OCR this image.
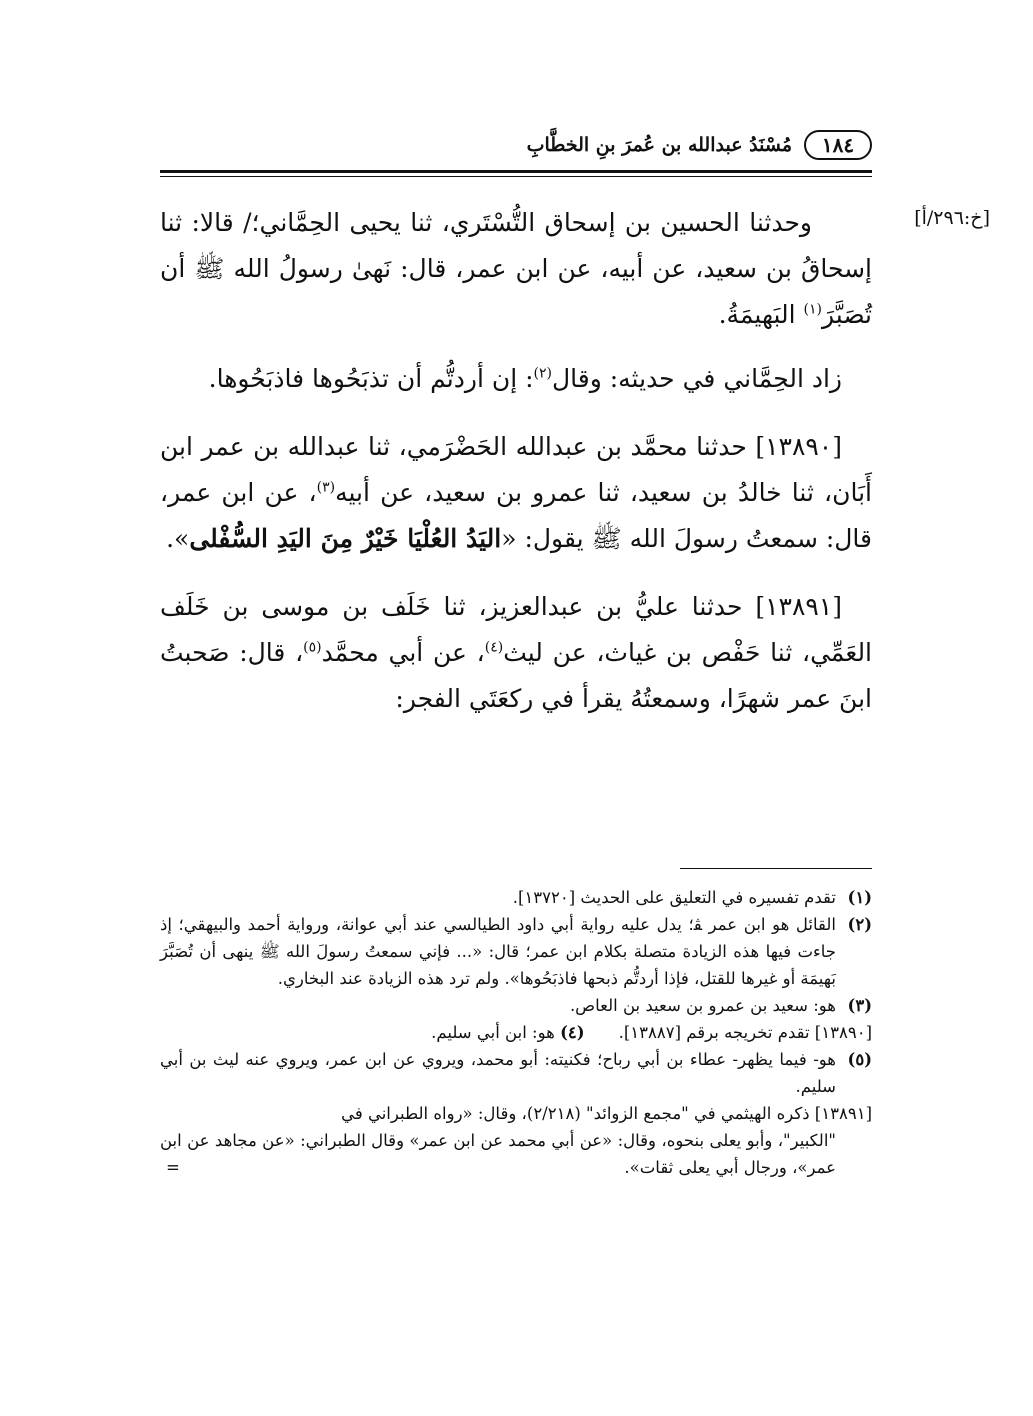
١٨٤
مُسْنَدُ عبدالله بن عُمرَ بنِ الخطَّابِ
[خ:٢٩٦/أ]

وحدثنا الحسين بن إسحاق التُّسْتَري، ثنا يحيى الحِمَّاني؛/ قالا: ثنا إسحاقُ بن سعيد، عن أبيه، عن ابن عمر، قال: نَهىٰ رسولُ الله ﷺ أن تُصَبَّرَ$^{(١)}$ البَهيمَةُ.

زاد الحِمَّاني في حديثه: وقال$^{(٢)}$: إن أردتُّم أن تذبَحُوها فاذبَحُوها.

[١٣٨٩٠] حدثنا محمَّد بن عبدالله الحَضْرَمي، ثنا عبدالله بن عمر ابن أَبَان، ثنا خالدُ بن سعيد، ثنا عمرو بن سعيد، عن أبيه$^{(٣)}$، عن ابن عمر، قال: سمعتُ رسولَ الله ﷺ يقول: «اليَدُ العُلْيَا خَيْرٌ مِنَ اليَدِ السُّفْلى».

[١٣٨٩١] حدثنا عليُّ بن عبدالعزيز، ثنا خَلَف بن موسى بن خَلَف العَمِّي، ثنا حَفْص بن غياث، عن ليث$^{(٤)}$، عن أبي محمَّد$^{(٥)}$، قال: صَحبتُ ابنَ عمر شهرًا، وسمعتُهُ يقرأ في ركعَتَي الفجر:

(١)
تقدم تفسيره في التعليق على الحديث [١٣٧٢٠].
(٢)
القائل هو ابن عمر ﭭ؛ يدل عليه رواية أبي داود الطيالسي عند أبي عوانة، ورواية أحمد والبيهقي؛ إذ جاءت فيها هذه الزيادة متصلة بكلام ابن عمر؛ قال: «... فإني سمعتُ رسولَ الله ﷺ ينهى أن تُصَبَّرَ بَهيمَة أو غيرها للقتل، فإذا أردتُّم ذبحها فاذبَحُوها». ولم ترد هذه الزيادة عند البخاري.
(٣)
هو: سعيد بن عمرو بن سعيد بن العاص.
[١٣٨٩٠] تقدم تخريجه برقم [١٣٨٨٧].
(٤)

هو: ابن أبي سليم.
(٥)
هو- فيما يظهر- عطاء بن أبي رباح؛ فكنيته: أبو محمد، ويروي عن ابن عمر، ويروي عنه ليث بن أبي سليم.
[١٣٨٩١] ذكره الهيثمي في "مجمع الزوائد" (٢/٢١٨)، وقال: «رواه الطبراني في
"الكبير"، وأبو يعلى بنحوه، وقال: «عن أبي محمد عن ابن عمر» وقال الطبراني: «عن مجاهد عن ابن عمر»، ورجال أبي يعلى ثقات».
=
